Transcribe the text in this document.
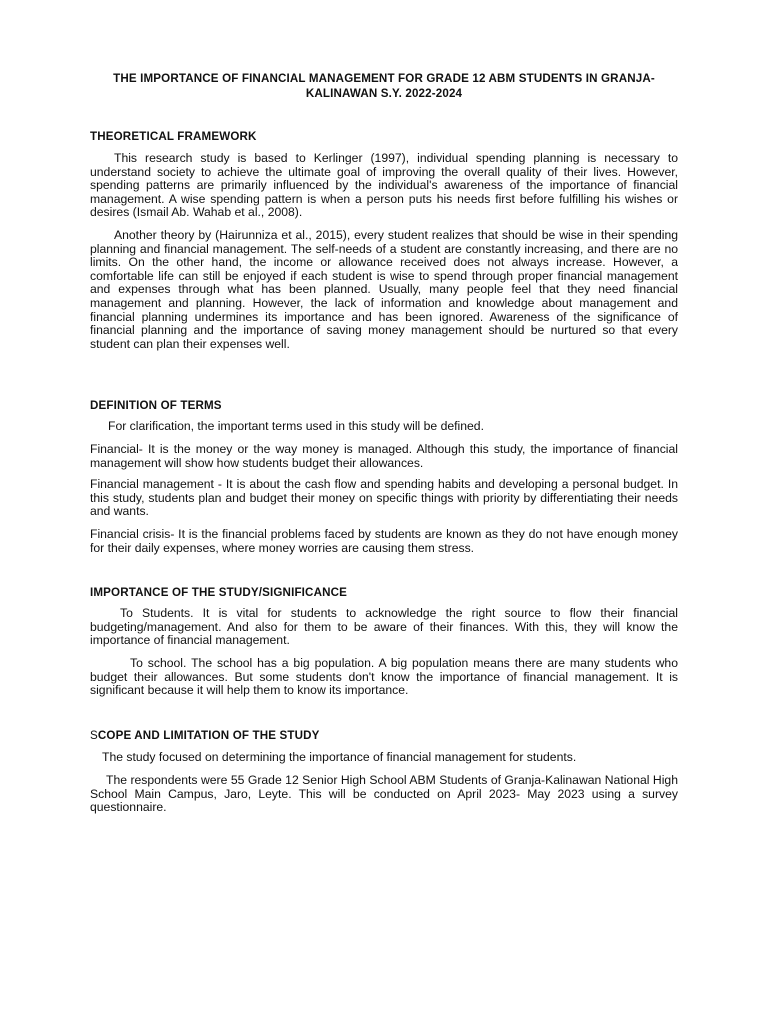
THE IMPORTANCE OF FINANCIAL MANAGEMENT FOR GRADE 12 ABM STUDENTS IN GRANJA-KALINAWAN S.Y. 2022-2024
THEORETICAL FRAMEWORK
This research study is based to Kerlinger (1997), individual spending planning is necessary to understand society to achieve the ultimate goal of improving the overall quality of their lives. However, spending patterns are primarily influenced by the individual's awareness of the importance of financial management. A wise spending pattern is when a person puts his needs first before fulfilling his wishes or desires (Ismail Ab. Wahab et al., 2008).
Another theory by (Hairunniza et al., 2015), every student realizes that should be wise in their spending planning and financial management. The self-needs of a student are constantly increasing, and there are no limits. On the other hand, the income or allowance received does not always increase. However, a comfortable life can still be enjoyed if each student is wise to spend through proper financial management and expenses through what has been planned. Usually, many people feel that they need financial management and planning. However, the lack of information and knowledge about management and financial planning undermines its importance and has been ignored. Awareness of the significance of financial planning and the importance of saving money management should be nurtured so that every student can plan their expenses well.
DEFINITION OF TERMS
For clarification, the important terms used in this study will be defined.
Financial- It is the money or the way money is managed. Although this study, the importance of financial management will show how students budget their allowances.
Financial management - It is about the cash flow and spending habits and developing a personal budget. In this study, students plan and budget their money on specific things with priority by differentiating their needs and wants.
Financial crisis- It is the financial problems faced by students are known as they do not have enough money for their daily expenses, where money worries are causing them stress.
IMPORTANCE OF THE STUDY/SIGNIFICANCE
To Students. It is vital for students to acknowledge the right source to flow their financial budgeting/management. And also for them to be aware of their finances. With this, they will know the importance of financial management.
To school. The school has a big population. A big population means there are many students who budget their allowances. But some students don't know the importance of financial management. It is significant because it will help them to know its importance.
SCOPE AND LIMITATION OF THE STUDY
The study focused on determining the importance of financial management for students.
The respondents were 55 Grade 12 Senior High School ABM Students of Granja-Kalinawan National High School Main Campus, Jaro, Leyte. This will be conducted on April 2023- May 2023 using a survey questionnaire.
